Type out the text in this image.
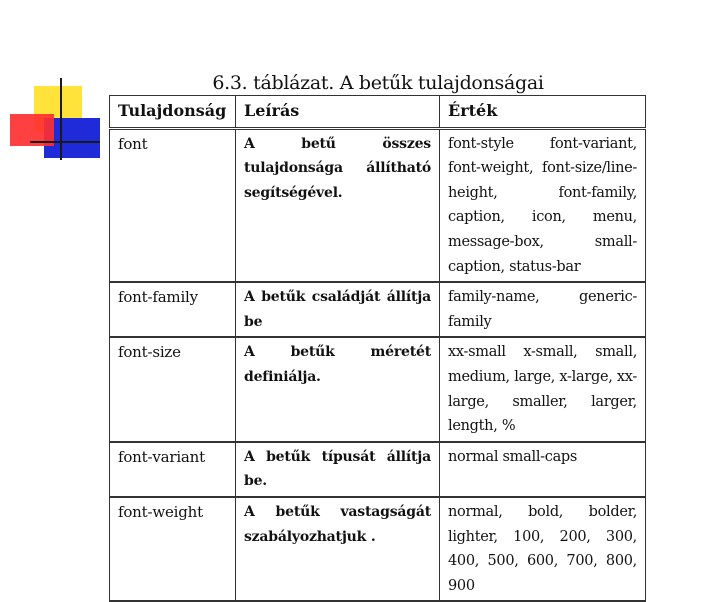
6.3. táblázat. A betűk tulajdonságai
Tulajdonság	Leírás	Érték
font	A betű összes tulajdonsága állítható segítségével.	font-style font-variant, font-weight, font-size/line-height, font-family, caption, icon, menu, message-box, small-caption, status-bar
font-family	A betűk családját állítja be	family-name, generic-family
font-size	A betűk méretét definiálja.	xx-small x-small, small, medium, large, x-large, xx-large, smaller, larger, length, %
font-variant	A betűk típusát állítja be.	normal small-caps
font-weight	A betűk vastagságát szabályozhatjuk .	normal, bold, bolder, lighter, 100, 200, 300, 400, 500, 600, 700, 800, 900
